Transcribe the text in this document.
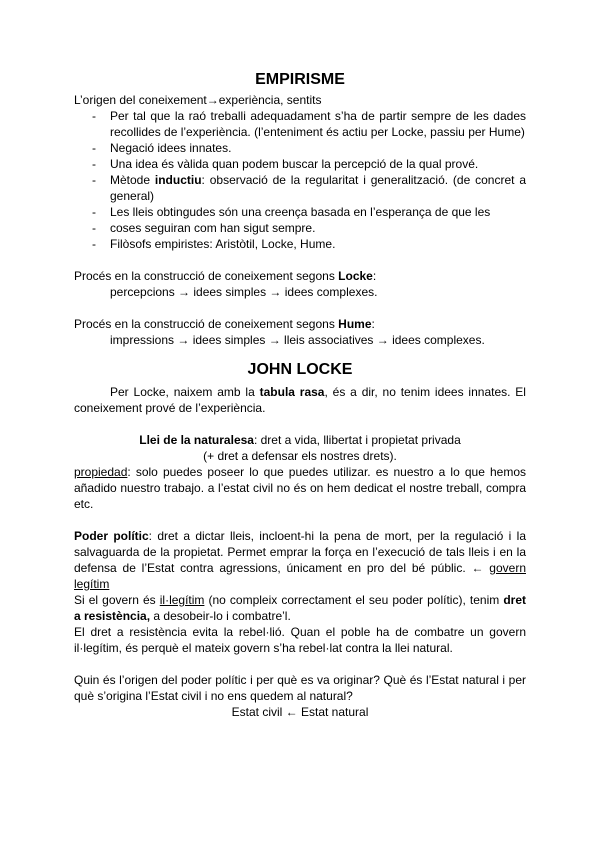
EMPIRISME

L’origen del coneixement→experiència, sentits

- Per tal que la raó treballi adequadament s’ha de partir sempre de les dades recollides de l’experiència. (l’enteniment és actiu per Locke, passiu per Hume)
- Negació idees innates.
- Una idea és vàlida quan podem buscar la percepció de la qual prové.
- Mètode inductiu: observació de la regularitat i generalització. (de concret a general)
- Les lleis obtingudes són una creença basada en l’esperança de que les
- coses seguiran com han sigut sempre.
- Filòsofs empiristes: Aristòtil, Locke, Hume.

Procés en la construcció de coneixement segons Locke:

percepcions → idees simples → idees complexes.

Procés en la construcció de coneixement segons Hume:

impressions → idees simples → lleis associatives → idees complexes.

JOHN LOCKE

Per Locke, naixem amb la tabula rasa, és a dir, no tenim idees innates. El coneixement prové de l’experiència.

Llei de la naturalesa: dret a vida, llibertat i propietat privada

(+ dret a defensar els nostres drets).

propiedad: solo puedes poseer lo que puedes utilizar. es nuestro a lo que hemos añadido nuestro trabajo. a l’estat civil no és on hem dedicat el nostre treball, compra etc.

Poder polític: dret a dictar lleis, incloent-hi la pena de mort, per la regulació i la salvaguarda de la propietat. Permet emprar la força en l’execució de tals lleis i en la defensa de l’Estat contra agressions, únicament en pro del bé públic. ← govern legítim

Si el govern és il·legítim (no compleix correctament el seu poder polític), tenim dret a resistència, a desobeir-lo i combatre’l.

El dret a resistència evita la rebel·lió. Quan el poble ha de combatre un govern il·legítim, és perquè el mateix govern s’ha rebel·lat contra la llei natural.

Quin és l’origen del poder polític i per què es va originar? Què és l’Estat natural i per què s’origina l’Estat civil i no ens quedem al natural?

Estat civil ← Estat natural
